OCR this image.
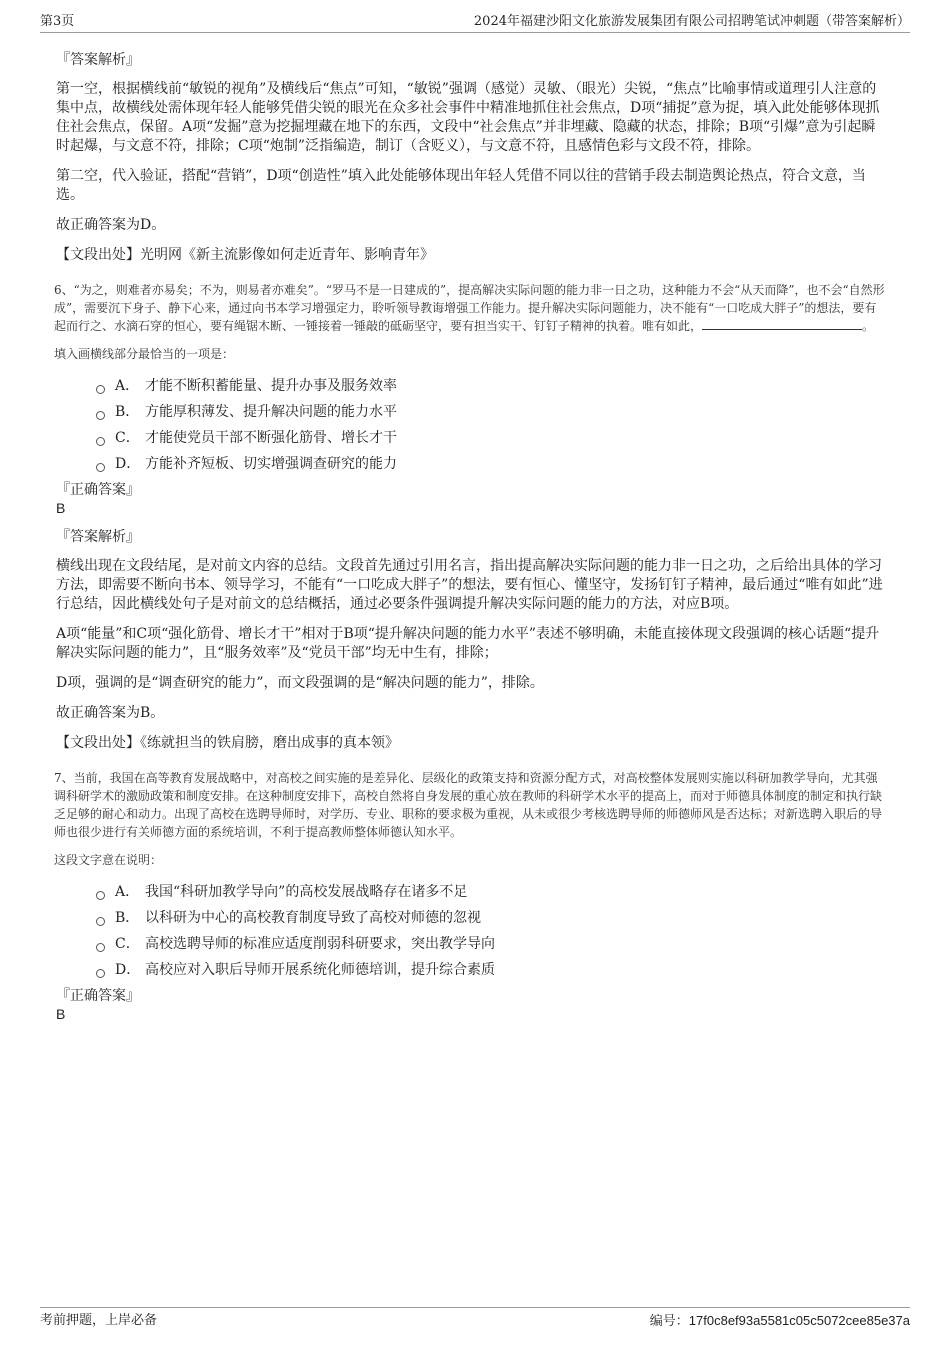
第3页	2024年福建沙阳文化旅游发展集团有限公司招聘笔试冲刺题（带答案解析）
『答案解析』

第一空，根据横线前“敏锐的视角”及横线后“焦点”可知，“敏锐”强调（感觉）灵敏、（眼光）尖锐，“焦点”比喻事情或道理引人注意的集中点，故横线处需体现年轻人能够凭借尖锐的眼光在众多社会事件中精准地抓住社会焦点，D项“捕捉”意为捉，填入此处能够体现抓住社会焦点，保留。A项“发掘”意为挖掘埋藏在地下的东西，文段中“社会焦点”并非埋藏、隐藏的状态，排除；B项“引爆”意为引起瞬时起爆，与文意不符，排除；C项“炮制”泛指编造，制订（含贬义），与文意不符，且感情色彩与文段不符，排除。

第二空，代入验证，搭配“营销”，D项“创造性”填入此处能够体现出年轻人凭借不同以往的营销手段去制造舆论热点，符合文意，当选。

故正确答案为D。

【文段出处】光明网《新主流影像如何走近青年、影响青年》

6、“为之，则难者亦易矣；不为，则易者亦难矣”。“罗马不是一日建成的”，提高解决实际问题的能力非一日之功，这种能力不会“从天而降”，也不会“自然形成”，需要沉下身子、静下心来，通过向书本学习增强定力，聆听领导教诲增强工作能力。提升解决实际问题能力，决不能有“一口吃成大胖子”的想法，要有起而行之、水滴石穿的恒心，要有绳锯木断、一锤接着一锤敲的砥砺坚守，要有担当实干、钉钉子精神的执着。唯有如此，	。
填入画横线部分最恰当的一项是：
A． 才能不断积蓄能量、提升办事及服务效率
B． 方能厚积薄发、提升解决问题的能力水平
C． 才能使党员干部不断强化筋骨、增长才干
D． 方能补齐短板、切实增强调查研究的能力
『正确答案』
B
『答案解析』

横线出现在文段结尾，是对前文内容的总结。文段首先通过引用名言，指出提高解决实际问题的能力非一日之功，之后给出具体的学习方法，即需要不断向书本、领导学习，不能有“一口吃成大胖子”的想法，要有恒心、懂坚守，发扬钉钉子精神，最后通过“唯有如此”进行总结，因此横线处句子是对前文的总结概括，通过必要条件强调提升解决实际问题的能力的方法，对应B项。

A项“能量”和C项“强化筋骨、增长才干”相对于B项“提升解决问题的能力水平”表述不够明确，未能直接体现文段强调的核心话题“提升解决实际问题的能力”，且“服务效率”及“党员干部”均无中生有，排除；

D项，强调的是“调查研究的能力”，而文段强调的是“解决问题的能力”，排除。

故正确答案为B。

【文段出处】《练就担当的铁肩膀，磨出成事的真本领》

7、当前，我国在高等教育发展战略中，对高校之间实施的是差异化、层级化的政策支持和资源分配方式，对高校整体发展则实施以科研加教学导向，尤其强调科研学术的激励政策和制度安排。在这种制度安排下，高校自然将自身发展的重心放在教师的科研学术水平的提高上，而对于师德具体制度的制定和执行缺乏足够的耐心和动力。出现了高校在选聘导师时，对学历、专业、职称的要求极为重视，从未或很少考核选聘导师的师德师风是否达标；对新选聘入职后的导师也很少进行有关师德方面的系统培训，不利于提高教师整体师德认知水平。
这段文字意在说明：
A． 我国“科研加教学导向”的高校发展战略存在诸多不足
B． 以科研为中心的高校教育制度导致了高校对师德的忽视
C． 高校选聘导师的标准应适度削弱科研要求，突出教学导向
D． 高校应对入职后导师开展系统化师德培训，提升综合素质
『正确答案』
B
考前押题，上岸必备	编号：17f0c8ef93a5581c05c5072cee85e37a
